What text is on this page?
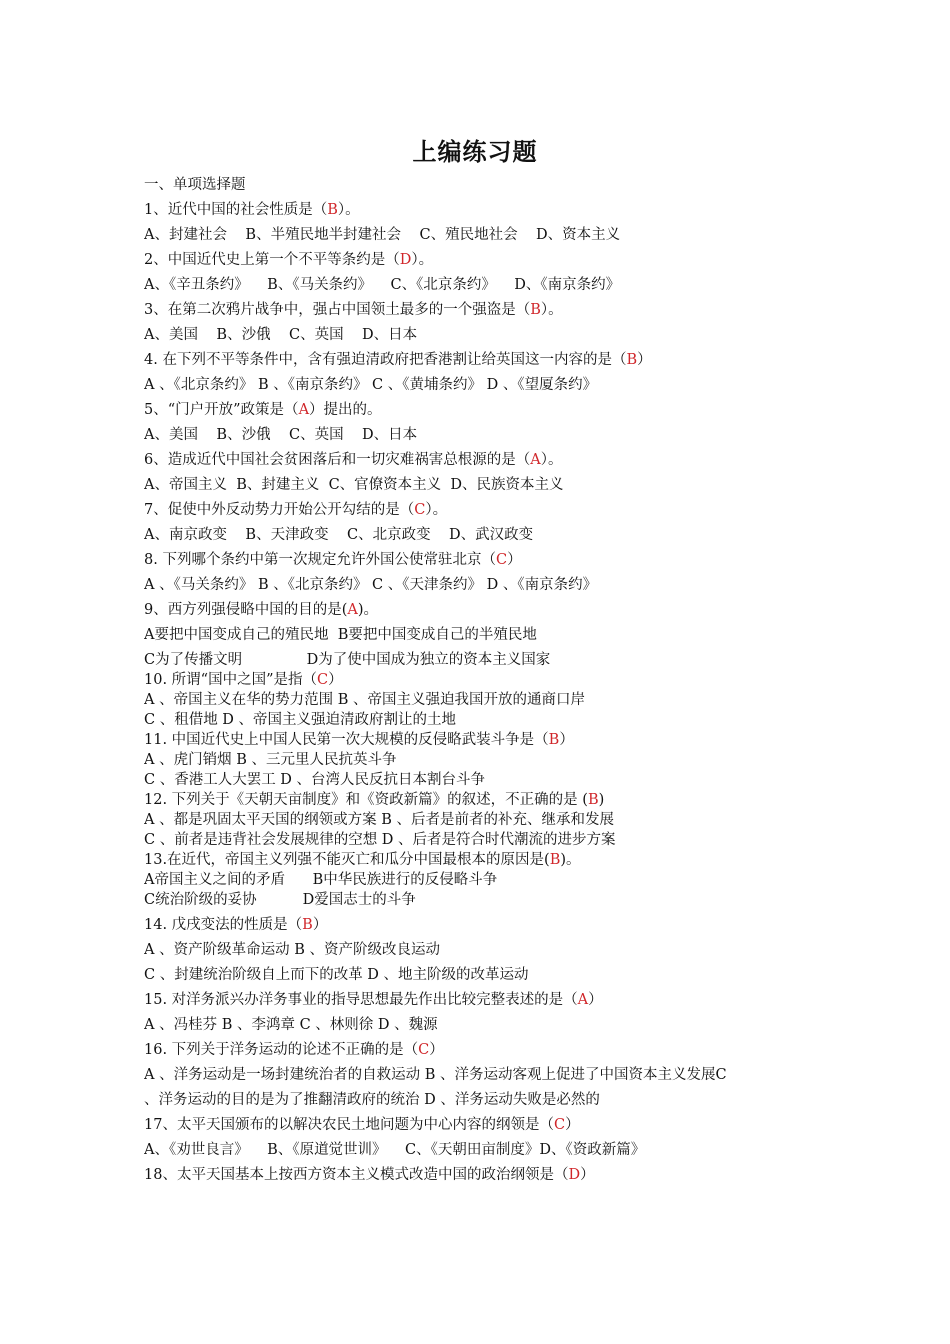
上编练习题
一、单项选择题
1、近代中国的社会性质是（B）。
A、封建社会    B、半殖民地半封建社会    C、殖民地社会    D、资本主义
2、中国近代史上第一个不平等条约是（D）。
A、《辛丑条约》    B、《马关条约》    C、《北京条约》    D、《南京条约》
3、在第二次鸦片战争中，强占中国领土最多的一个强盗是（B）。
A、美国    B、沙俄    C、英国    D、日本
4. 在下列不平等条件中，含有强迫清政府把香港割让给英国这一内容的是（B）
A 、《北京条约》 B 、《南京条约》 C 、《黄埔条约》 D 、《望厦条约》
5、“门户开放”政策是（A）提出的。
A、美国    B、沙俄    C、英国    D、日本
6、造成近代中国社会贫困落后和一切灾难祸害总根源的是（A）。
A、帝国主义  B、封建主义  C、官僚资本主义  D、民族资本主义
7、促使中外反动势力开始公开勾结的是（C）。
A、南京政变    B、天津政变    C、北京政变    D、武汉政变
8. 下列哪个条约中第一次规定允许外国公使常驻北京（C）
A 、《马关条约》 B 、《北京条约》 C 、《天津条约》 D 、《南京条约》
9、西方列强侵略中国的目的是(A)。
A要把中国变成自己的殖民地  B要把中国变成自己的半殖民地
C为了传播文明              D为了使中国成为独立的资本主义国家
10. 所谓“国中之国”是指（C）
A 、帝国主义在华的势力范围 B 、帝国主义强迫我国开放的通商口岸
C 、租借地 D 、帝国主义强迫清政府割让的土地
11. 中国近代史上中国人民第一次大规模的反侵略武装斗争是（B）
A 、虎门销烟 B 、三元里人民抗英斗争
C 、香港工人大罢工 D 、台湾人民反抗日本割台斗争
12. 下列关于《天朝天亩制度》和《资政新篇》的叙述，不正确的是 (B)
A 、都是巩固太平天国的纲领或方案 B 、后者是前者的补充、继承和发展
C 、前者是违背社会发展规律的空想 D 、后者是符合时代潮流的进步方案
13.在近代，帝国主义列强不能灭亡和瓜分中国最根本的原因是(B)。
A帝国主义之间的矛盾      B中华民族进行的反侵略斗争
C统治阶级的妥协          D爱国志士的斗争
14. 戊戌变法的性质是（B）
A 、资产阶级革命运动 B 、资产阶级改良运动
C 、封建统治阶级自上而下的改革 D 、地主阶级的改革运动
15. 对洋务派兴办洋务事业的指导思想最先作出比较完整表述的是（A）
A 、冯桂芬 B 、李鸿章 C 、林则徐 D 、魏源
16. 下列关于洋务运动的论述不正确的是（C）
A 、洋务运动是一场封建统治者的自救运动 B 、洋务运动客观上促进了中国资本主义发展C
、洋务运动的目的是为了推翻清政府的统治 D 、洋务运动失败是必然的
17、太平天国颁布的以解决农民土地问题为中心内容的纲领是（C）
A、《劝世良言》    B、《原道觉世训》    C、《天朝田亩制度》D、《资政新篇》
18、太平天国基本上按西方资本主义模式改造中国的政治纲领是（D）
